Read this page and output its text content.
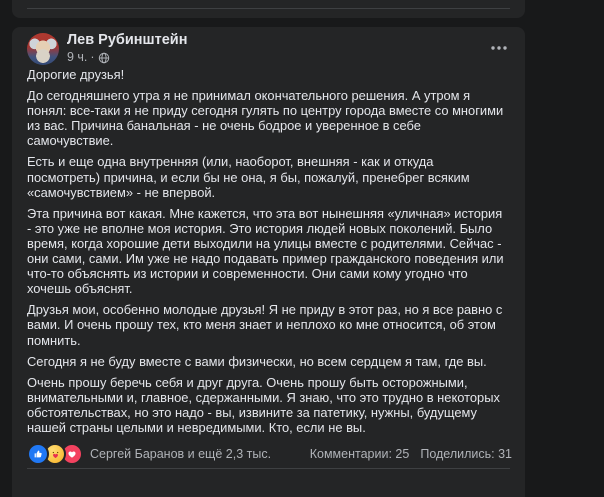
Лев Рубинштейн
9 ч. ·

Дорогие друзья!

До сегодняшнего утра я не принимал окончательного решения. А утром я понял: все-таки я не приду сегодня гулять по центру города вместе со многими из вас. Причина банальная - не очень бодрое и уверенное в себе самочувствие.

Есть и еще одна внутренняя (или, наоборот, внешняя - как и откуда посмотреть) причина, и если бы не она, я бы, пожалуй, пренебрег всяким «самочувствием» - не впервой.

Эта причина вот какая. Мне кажется, что эта вот нынешняя «уличная» история - это уже не вполне моя история. Это история людей новых поколений. Было время, когда хорошие дети выходили на улицы вместе с родителями. Сейчас - они сами, сами. Им уже не надо подавать пример гражданского поведения или что-то объяснять из истории и современности. Они сами кому угодно что хочешь объяснят.

Друзья мои, особенно молодые друзья! Я не приду в этот раз, но я все равно с вами. И очень прошу тех, кто меня знает и неплохо ко мне относится, об этом помнить.

Сегодня я не буду вместе с вами физически, но всем сердцем я там, где вы.

Очень прошу беречь себя и друг друга. Очень прошу быть осторожными, внимательными и, главное, сдержанными. Я знаю, что это трудно в некоторых обстоятельствах, но это надо - вы, извините за патетику, нужны, будущему нашей страны целыми и невредимыми. Кто, если не вы.

Сергей Баранов и ещё 2,3 тыс.	Комментарии: 25 Поделились: 31
